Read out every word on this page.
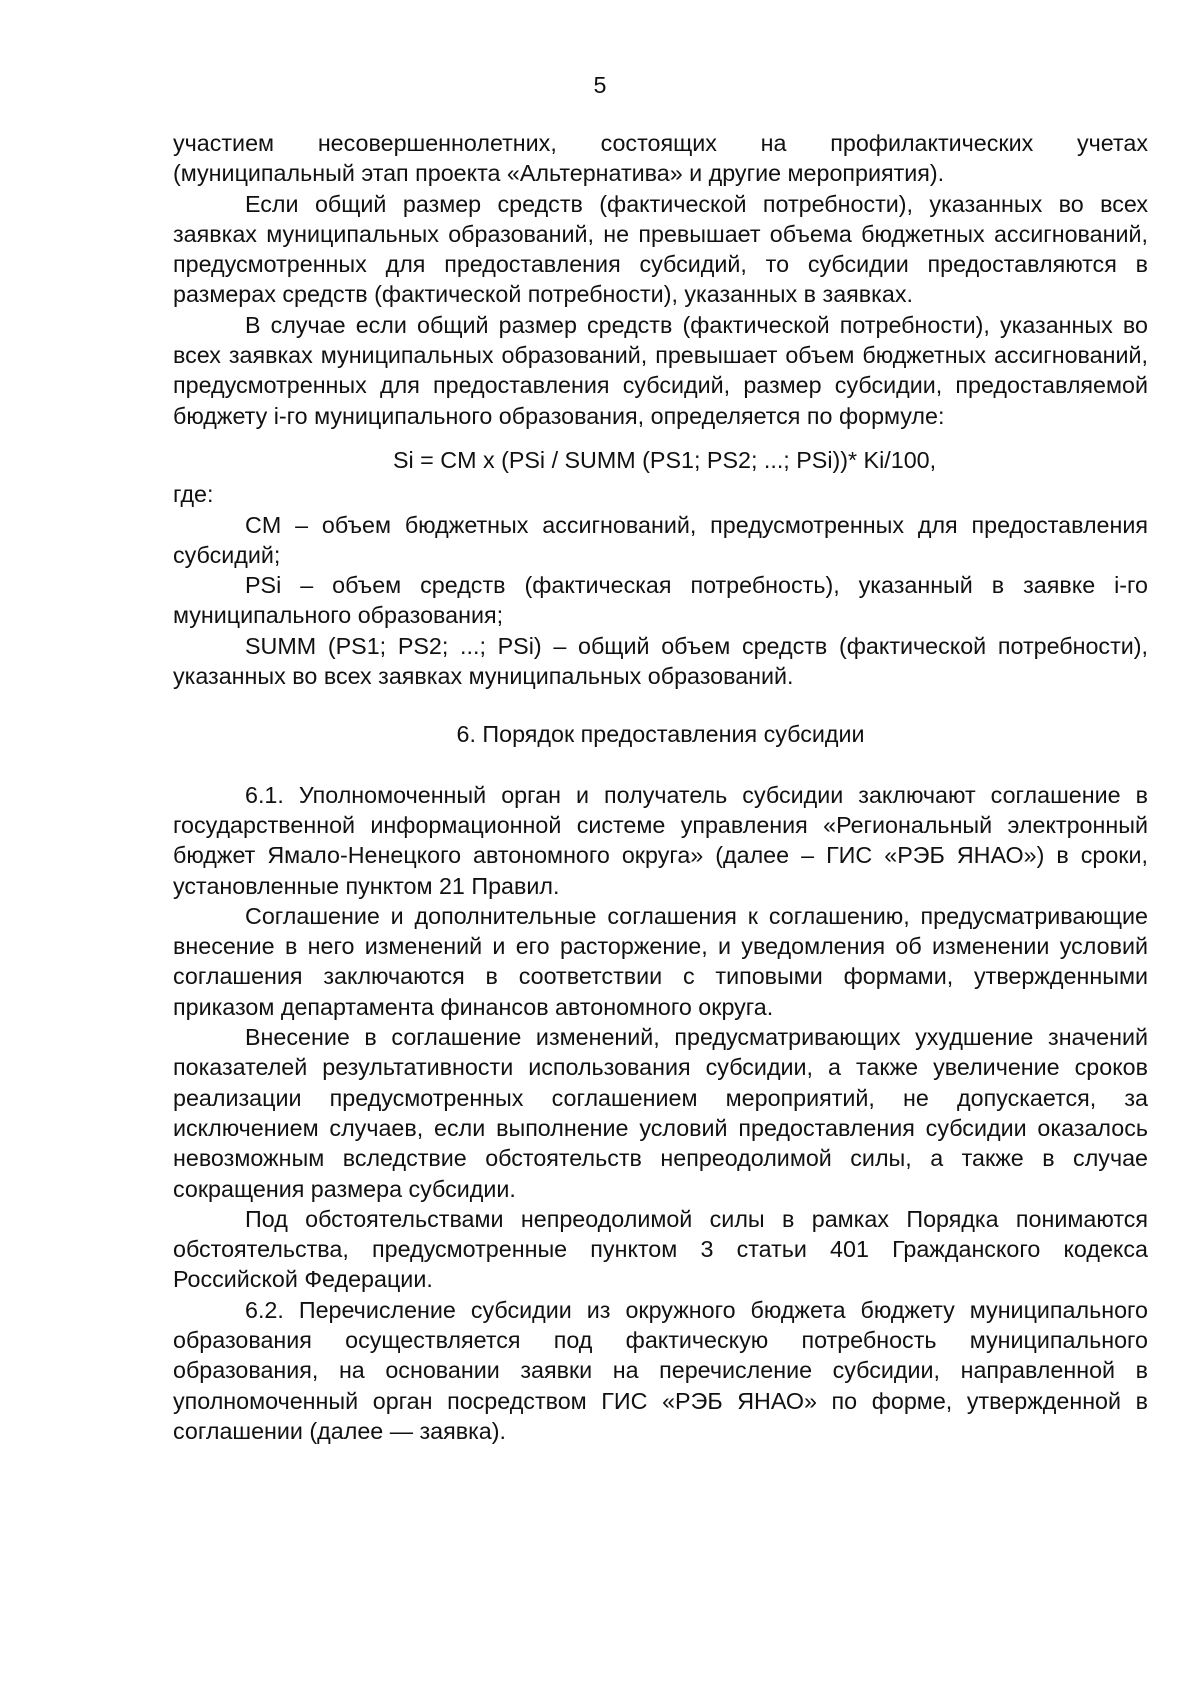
5

участием несовершеннолетних, состоящих на профилактических учетах (муниципальный этап проекта «Альтернатива» и другие мероприятия).

Если общий размер средств (фактической потребности), указанных во всех заявках муниципальных образований, не превышает объема бюджетных ассигнований, предусмотренных для предоставления субсидий, то субсидии предоставляются в размерах средств (фактической потребности), указанных в заявках.

В случае если общий размер средств (фактической потребности), указанных во всех заявках муниципальных образований, превышает объем бюджетных ассигнований, предусмотренных для предоставления субсидий, размер субсидии, предоставляемой бюджету i-го муниципального образования, определяется по формуле:

Si = CM x (PSi / SUMM (PS1; PS2; ...; PSi))* Ki/100,

где:

CM – объем бюджетных ассигнований, предусмотренных для предоставления субсидий;

PSi – объем средств (фактическая потребность), указанный в заявке i-го муниципального образования;

SUMM (PS1; PS2; ...; PSi) – общий объем средств (фактической потребности), указанных во всех заявках муниципальных образований.

6. Порядок предоставления субсидии

6.1. Уполномоченный орган и получатель субсидии заключают соглашение в государственной информационной системе управления «Региональный электронный бюджет Ямало-Ненецкого автономного округа» (далее – ГИС «РЭБ ЯНАО») в сроки, установленные пунктом 21 Правил.

Соглашение и дополнительные соглашения к соглашению, предусматривающие внесение в него изменений и его расторжение, и уведомления об изменении условий соглашения заключаются в соответствии с типовыми формами, утвержденными приказом департамента финансов автономного округа.

Внесение в соглашение изменений, предусматривающих ухудшение значений показателей результативности использования субсидии, а также увеличение сроков реализации предусмотренных соглашением мероприятий, не допускается, за исключением случаев, если выполнение условий предоставления субсидии оказалось невозможным вследствие обстоятельств непреодолимой силы, а также в случае сокращения размера субсидии.

Под обстоятельствами непреодолимой силы в рамках Порядка понимаются обстоятельства, предусмотренные пунктом 3 статьи 401 Гражданского кодекса Российской Федерации.

6.2. Перечисление субсидии из окружного бюджета бюджету муниципального образования осуществляется под фактическую потребность муниципального образования, на основании заявки на перечисление субсидии, направленной в уполномоченный орган посредством ГИС «РЭБ ЯНАО» по форме, утвержденной в соглашении (далее — заявка).
